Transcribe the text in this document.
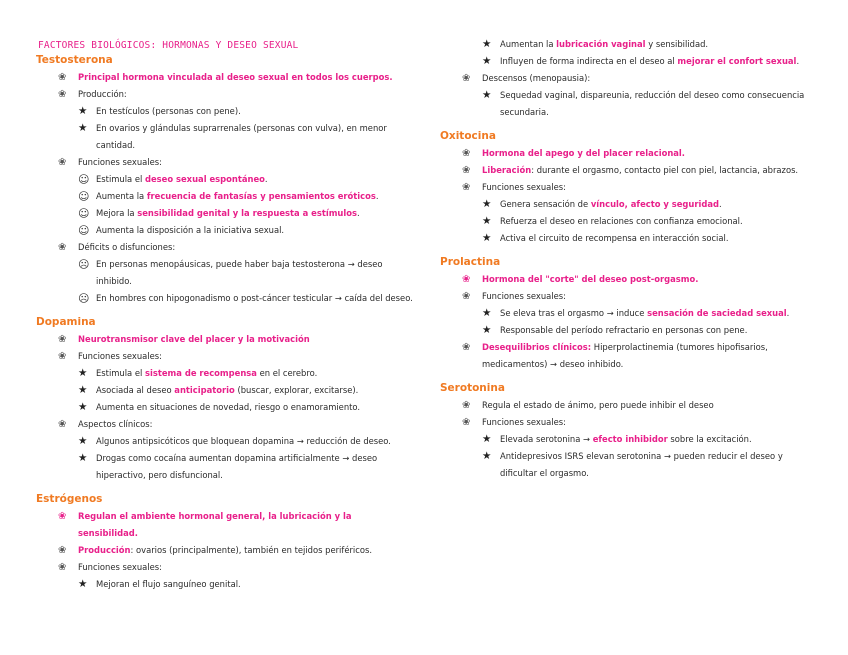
FACTORES BIOLÓGICOS: HORMONAS Y DESEO SEXUAL
Testosterona
❀ Principal hormona vinculada al deseo sexual en todos los cuerpos.
❀ Producción:
★ En testículos (personas con pene).
★ En ovarios y glándulas suprarrenales (personas con vulva), en menor cantidad.
❀ Funciones sexuales:
☺ Estimula el deseo sexual espontáneo.
☺ Aumenta la frecuencia de fantasías y pensamientos eróticos.
☺ Mejora la sensibilidad genital y la respuesta a estímulos.
☺ Aumenta la disposición a la iniciativa sexual.
❀ Déficits o disfunciones:
☹ En personas menopáusicas, puede haber baja testosterona → deseo inhibido.
☹ En hombres con hipogonadismo o post-cáncer testicular → caída del deseo.
Dopamina
❀ Neurotransmisor clave del placer y la motivación
❀ Funciones sexuales:
★ Estimula el sistema de recompensa en el cerebro.
★ Asociada al deseo anticipatorio (buscar, explorar, excitarse).
★ Aumenta en situaciones de novedad, riesgo o enamoramiento.
❀ Aspectos clínicos:
★ Algunos antipsicóticos que bloquean dopamina → reducción de deseo.
★ Drogas como cocaína aumentan dopamina artificialmente → deseo hiperactivo, pero disfuncional.
Estrógenos
❀ Regulan el ambiente hormonal general, la lubricación y la sensibilidad.
❀ Producción: ovarios (principalmente), también en tejidos periféricos.
❀ Funciones sexuales:
★ Mejoran el flujo sanguíneo genital.
★ Aumentan la lubricación vaginal y sensibilidad.
★ Influyen de forma indirecta en el deseo al mejorar el confort sexual.
❀ Descensos (menopausia):
★ Sequedad vaginal, dispareunia, reducción del deseo como consecuencia secundaria.
Oxitocina
❀ Hormona del apego y del placer relacional.
❀ Liberación: durante el orgasmo, contacto piel con piel, lactancia, abrazos.
❀ Funciones sexuales:
★ Genera sensación de vínculo, afecto y seguridad.
★ Refuerza el deseo en relaciones con confianza emocional.
★ Activa el circuito de recompensa en interacción social.
Prolactina
❀ Hormona del "corte" del deseo post-orgasmo.
❀ Funciones sexuales:
★ Se eleva tras el orgasmo → induce sensación de saciedad sexual.
★ Responsable del período refractario en personas con pene.
❀ Desequilibrios clínicos: Hiperprolactinemia (tumores hipofisarios, medicamentos) → deseo inhibido.
Serotonina
❀ Regula el estado de ánimo, pero puede inhibir el deseo
❀ Funciones sexuales:
★ Elevada serotonina → efecto inhibidor sobre la excitación.
★ Antidepresivos ISRS elevan serotonina → pueden reducir el deseo y dificultar el orgasmo.
